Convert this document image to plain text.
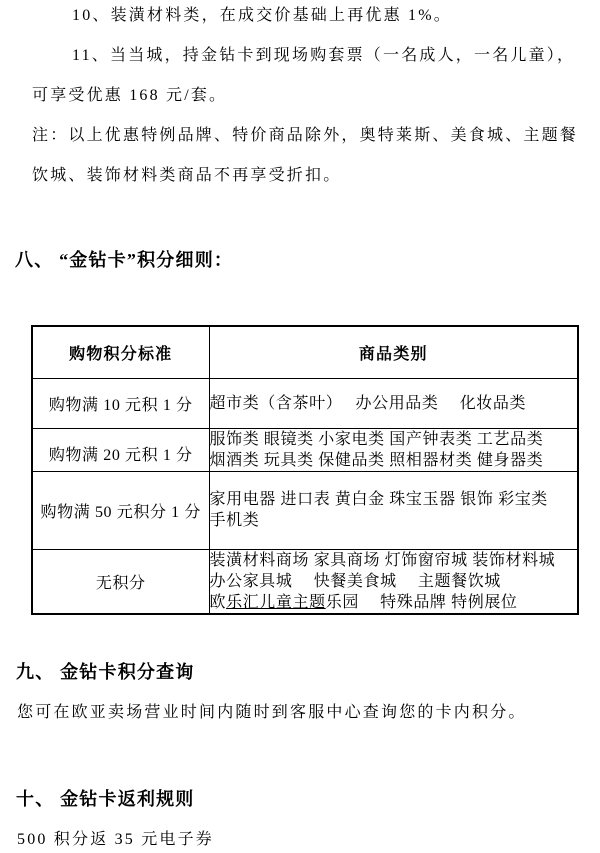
10、装潢材料类，在成交价基础上再优惠 1%。
11、当当城，持金钻卡到现场购套票（一名成人，一名儿童），
可享受优惠 168 元/套。
注：以上优惠特例品牌、特价商品除外，奥特莱斯、美食城、主题餐
饮城、装饰材料类商品不再享受折扣。
八、 “金钻卡”积分细则：
购物积分标准	商品类别
购物满 10 元积 1 分	超市类（含茶叶）　 办公用品类　 化妆品类

购物满 20 元积 1 分	服饰类 眼镜类 小家电类 国产钟表类 工艺品类
烟酒类 玩具类 保健品类 照相器材类 健身器类

购物满 50 元积分 1 分	家用电器 进口表 黄白金 珠宝玉器 银饰 彩宝类
手机类

无积分	装潢材料商场 家具商场 灯饰窗帘城 装饰材料城
办公家具城　 快餐美食城　 主题餐饮城
欧乐汇儿童主题乐园　 特殊品牌 特例展位
九、 金钻卡积分查询
您可在欧亚卖场营业时间内随时到客服中心查询您的卡内积分。
十、 金钻卡返利规则
500 积分返 35 元电子券
